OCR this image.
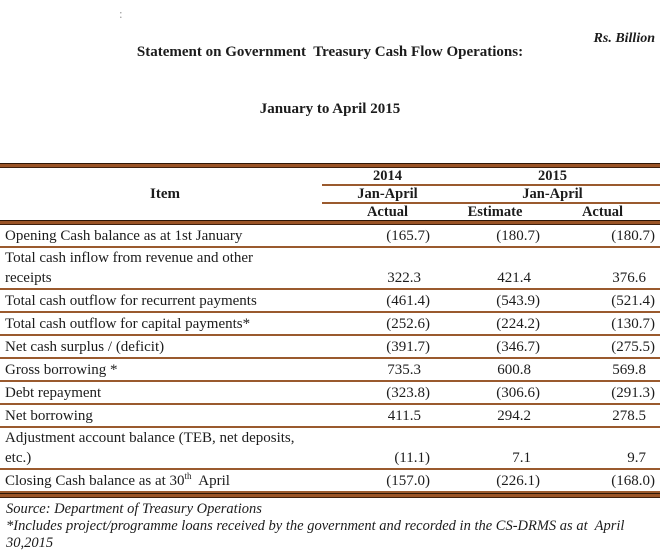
:

Statement on Government  Treasury Cash Flow Operations:

January to April 2015

Rs. Billion
Item
2014	2015
Jan-April	Jan-April
Actual	Estimate	Actual
Opening Cash balance as at 1st January	(165.7)	(180.7)	(180.7)
Total cash inflow from revenue and other
receipts	322.3	421.4	376.6
Total cash outflow for recurrent payments	(461.4)	(543.9)	(521.4)
Total cash outflow for capital payments*	(252.6)	(224.2)	(130.7)
Net cash surplus / (deficit)	(391.7)	(346.7)	(275.5)
Gross borrowing *	735.3	600.8	569.8
Debt repayment	(323.8)	(306.6)	(291.3)
Net borrowing	411.5	294.2	278.5
Adjustment account balance (TEB, net deposits,
etc.)	(11.1)	7.1	9.7
Closing Cash balance as at 30th  April	(157.0)	(226.1)	(168.0)
Source: Department of Treasury Operations
*Includes project/programme loans received by the government and recorded in the CS-DRMS as at  April
30,2015
